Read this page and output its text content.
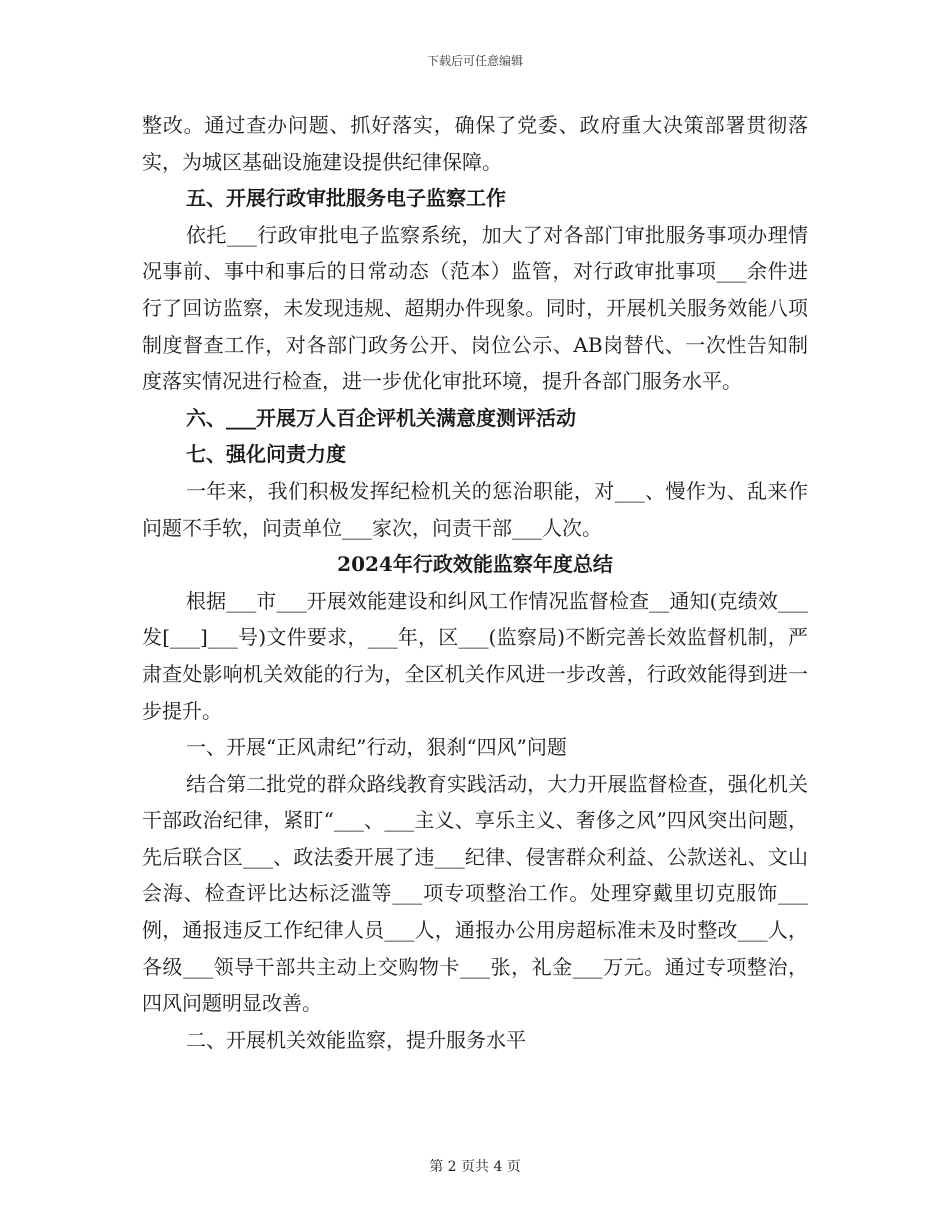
下载后可任意编辑

整改。通过查办问题、抓好落实，确保了党委、政府重大决策部署贯彻落实，为城区基础设施建设提供纪律保障。

五、开展行政审批服务电子监察工作

依托___行政审批电子监察系统，加大了对各部门审批服务事项办理情况事前、事中和事后的日常动态（范本）监管，对行政审批事项___余件进行了回访监察，未发现违规、超期办件现象。同时，开展机关服务效能八项制度督查工作，对各部门政务公开、岗位公示、AB岗替代、一次性告知制度落实情况进行检查，进一步优化审批环境，提升各部门服务水平。

六、___开展万人百企评机关满意度测评活动

七、强化问责力度

一年来，我们积极发挥纪检机关的惩治职能，对___、慢作为、乱来作问题不手软，问责单位___家次，问责干部___人次。

2024年行政效能监察年度总结

根据___市___开展效能建设和纠风工作情况监督检查__通知(克绩效___发[___]___号)文件要求，___年，区___(监察局)不断完善长效监督机制，严肃查处影响机关效能的行为，全区机关作风进一步改善，行政效能得到进一步提升。

一、开展“正风肃纪”行动，狠刹“四风”问题

结合第二批党的群众路线教育实践活动，大力开展监督检查，强化机关干部政治纪律，紧盯“___、___主义、享乐主义、奢侈之风”四风突出问题，先后联合区___、政法委开展了违___纪律、侵害群众利益、公款送礼、文山会海、检查评比达标泛滥等___项专项整治工作。处理穿戴里切克服饰___例，通报违反工作纪律人员___人，通报办公用房超标准未及时整改___人，各级___领导干部共主动上交购物卡___张，礼金___万元。通过专项整治，四风问题明显改善。

二、开展机关效能监察，提升服务水平

第 2 页共 4 页
